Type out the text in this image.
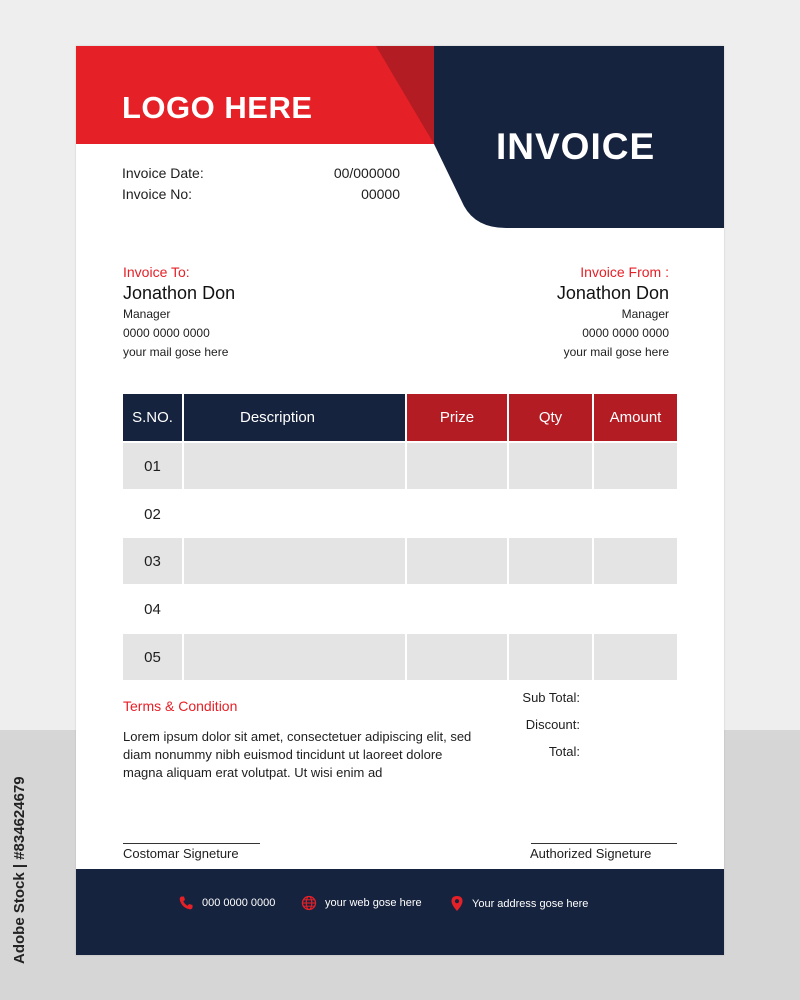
Adobe Stock | #834624679
LOGO HERE
INVOICE
Invoice Date:	00/000000
Invoice No:	00000
Invoice To:
Jonathon Don
Manager
0000 0000 0000
your mail gose here
Invoice From :
Jonathon Don
Manager
0000 0000 0000
your mail gose here
S.NO.	Description	Prize	Qty	Amount
01
02
03
04
05
Terms & Condition
Lorem ipsum dolor sit amet, consectetuer adipiscing elit, sed diam nonummy nibh euismod tincidunt ut laoreet dolore magna aliquam erat volutpat. Ut wisi enim ad
Sub Total:
Discount:
Total:
Costomar Signeture	Authorized Signeture
000 0000 0000	your web gose here	Your address gose here
